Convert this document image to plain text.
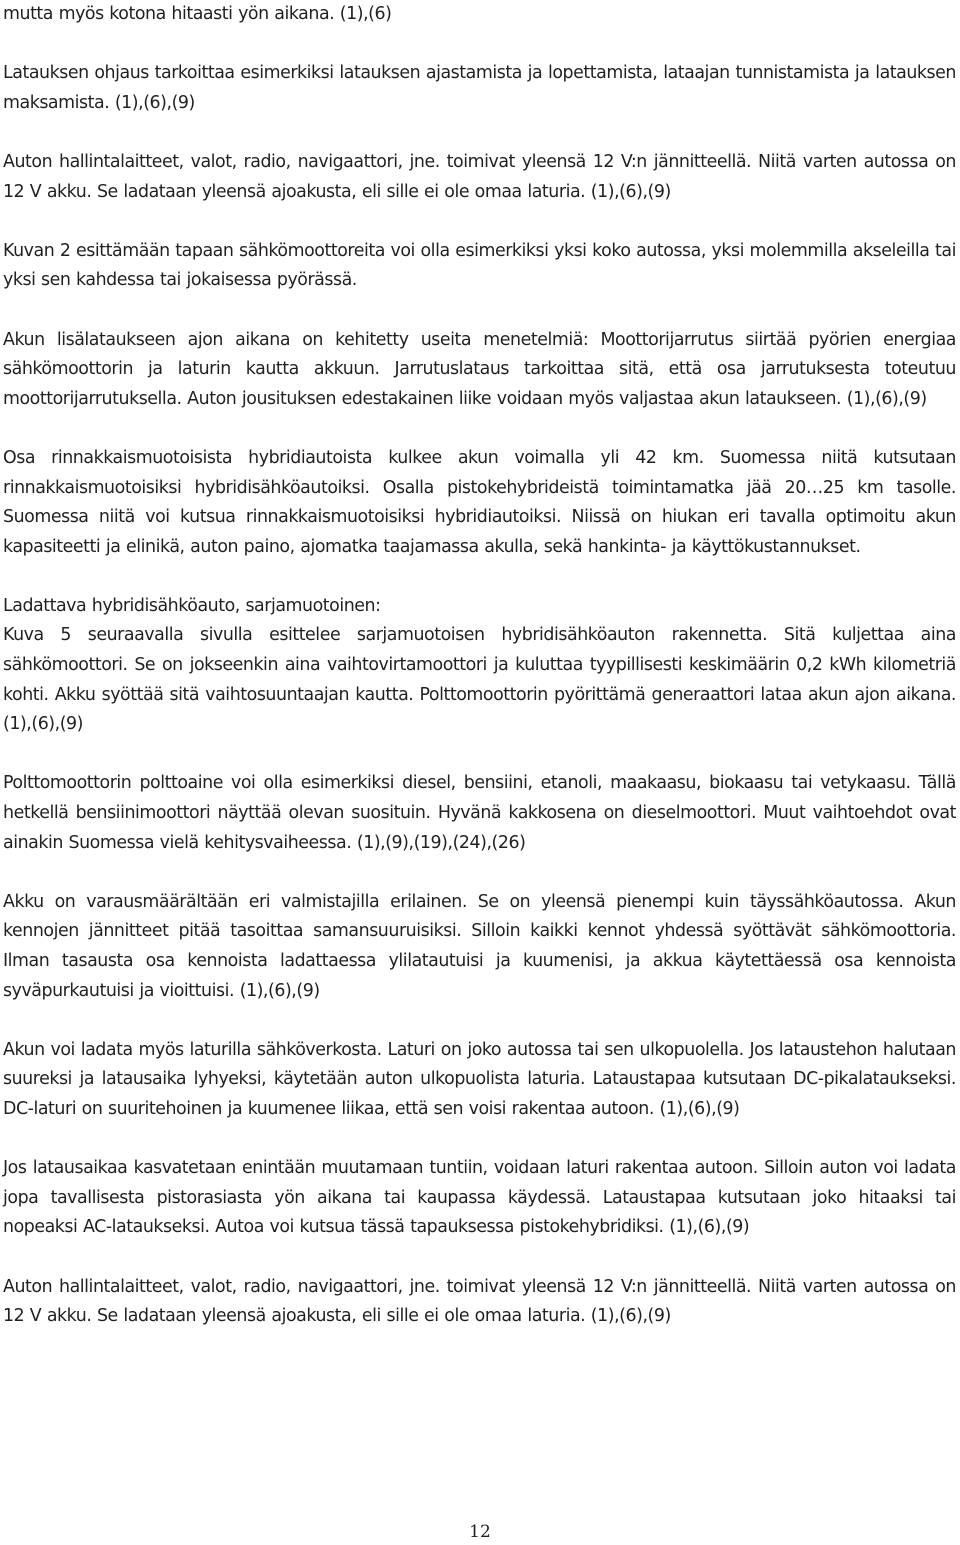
mutta myös kotona hitaasti yön aikana. (1),(6)

Latauksen ohjaus tarkoittaa esimerkiksi latauksen ajastamista ja lopettamista, lataajan tunnistamista ja latauksen maksamista. (1),(6),(9)

Auton hallintalaitteet, valot, radio, navigaattori, jne. toimivat yleensä 12 V:n jännitteellä. Niitä varten autossa on 12 V akku. Se ladataan yleensä ajoakusta, eli sille ei ole omaa laturia. (1),(6),(9)

Kuvan 2 esittämään tapaan sähkömoottoreita voi olla esimerkiksi yksi koko autossa, yksi molemmilla akseleilla tai yksi sen kahdessa tai jokaisessa pyörässä.

Akun lisälataukseen ajon aikana on kehitetty useita menetelmiä: Moottorijarrutus siirtää pyörien energiaa sähkömoottorin ja laturin kautta akkuun. Jarrutuslataus tarkoittaa sitä, että osa jarrutuksesta toteutuu moottorijarrutuksella. Auton jousituksen edestakainen liike voidaan myös valjastaa akun lataukseen. (1),(6),(9)

Osa rinnakkaismuotoisista hybridiautoista kulkee akun voimalla yli 42 km. Suomessa niitä kutsutaan rinnakkaismuotoisiksi hybridisähköautoiksi. Osalla pistokehybrideistä toimintamatka jää 20…25 km tasolle. Suomessa niitä voi kutsua rinnakkaismuotoisiksi hybridiautoiksi. Niissä on hiukan eri tavalla optimoitu akun kapasiteetti ja elinikä, auton paino, ajomatka taajamassa akulla, sekä hankinta- ja käyttökustannukset.

Ladattava hybridisähköauto, sarjamuotoinen:

Kuva 5 seuraavalla sivulla esittelee sarjamuotoisen hybridisähköauton rakennetta. Sitä kuljettaa aina sähkömoottori. Se on jokseenkin aina vaihtovirtamoottori ja kuluttaa tyypillisesti keskimäärin 0,2 kWh kilometriä kohti. Akku syöttää sitä vaihtosuuntaajan kautta. Polttomoottorin pyörittämä generaattori lataa akun ajon aikana. (1),(6),(9)

Polttomoottorin polttoaine voi olla esimerkiksi diesel, bensiini, etanoli, maakaasu, biokaasu tai vetykaasu. Tällä hetkellä bensiinimoottori näyttää olevan suosituin. Hyvänä kakkosena on dieselmoottori. Muut vaihtoehdot ovat ainakin Suomessa vielä kehitysvaiheessa. (1),(9),(19),(24),(26)

Akku on varausmäärältään eri valmistajilla erilainen. Se on yleensä pienempi kuin täyssähköautossa. Akun kennojen jännitteet pitää tasoittaa samansuuruisiksi. Silloin kaikki kennot yhdessä syöttävät sähkömoottoria. Ilman tasausta osa kennoista ladattaessa ylilatautuisi ja kuumenisi, ja akkua käytettäessä osa kennoista syväpurkautuisi ja vioittuisi. (1),(6),(9)

Akun voi ladata myös laturilla sähköverkosta. Laturi on joko autossa tai sen ulkopuolella. Jos lataustehon halutaan suureksi ja latausaika lyhyeksi, käytetään auton ulkopuolista laturia. Lataustapaa kutsutaan DC-pikalataukseksi. DC-laturi on suuritehoinen ja kuumenee liikaa, että sen voisi rakentaa autoon. (1),(6),(9)

Jos latausaikaa kasvatetaan enintään muutamaan tuntiin, voidaan laturi rakentaa autoon. Silloin auton voi ladata jopa tavallisesta pistorasiasta yön aikana tai kaupassa käydessä. Lataustapaa kutsutaan joko hitaaksi tai nopeaksi AC-lataukseksi. Autoa voi kutsua tässä tapauksessa pistokehybridiksi. (1),(6),(9)

Auton hallintalaitteet, valot, radio, navigaattori, jne. toimivat yleensä 12 V:n jännitteellä. Niitä varten autossa on 12 V akku. Se ladataan yleensä ajoakusta, eli sille ei ole omaa laturia. (1),(6),(9)

12
